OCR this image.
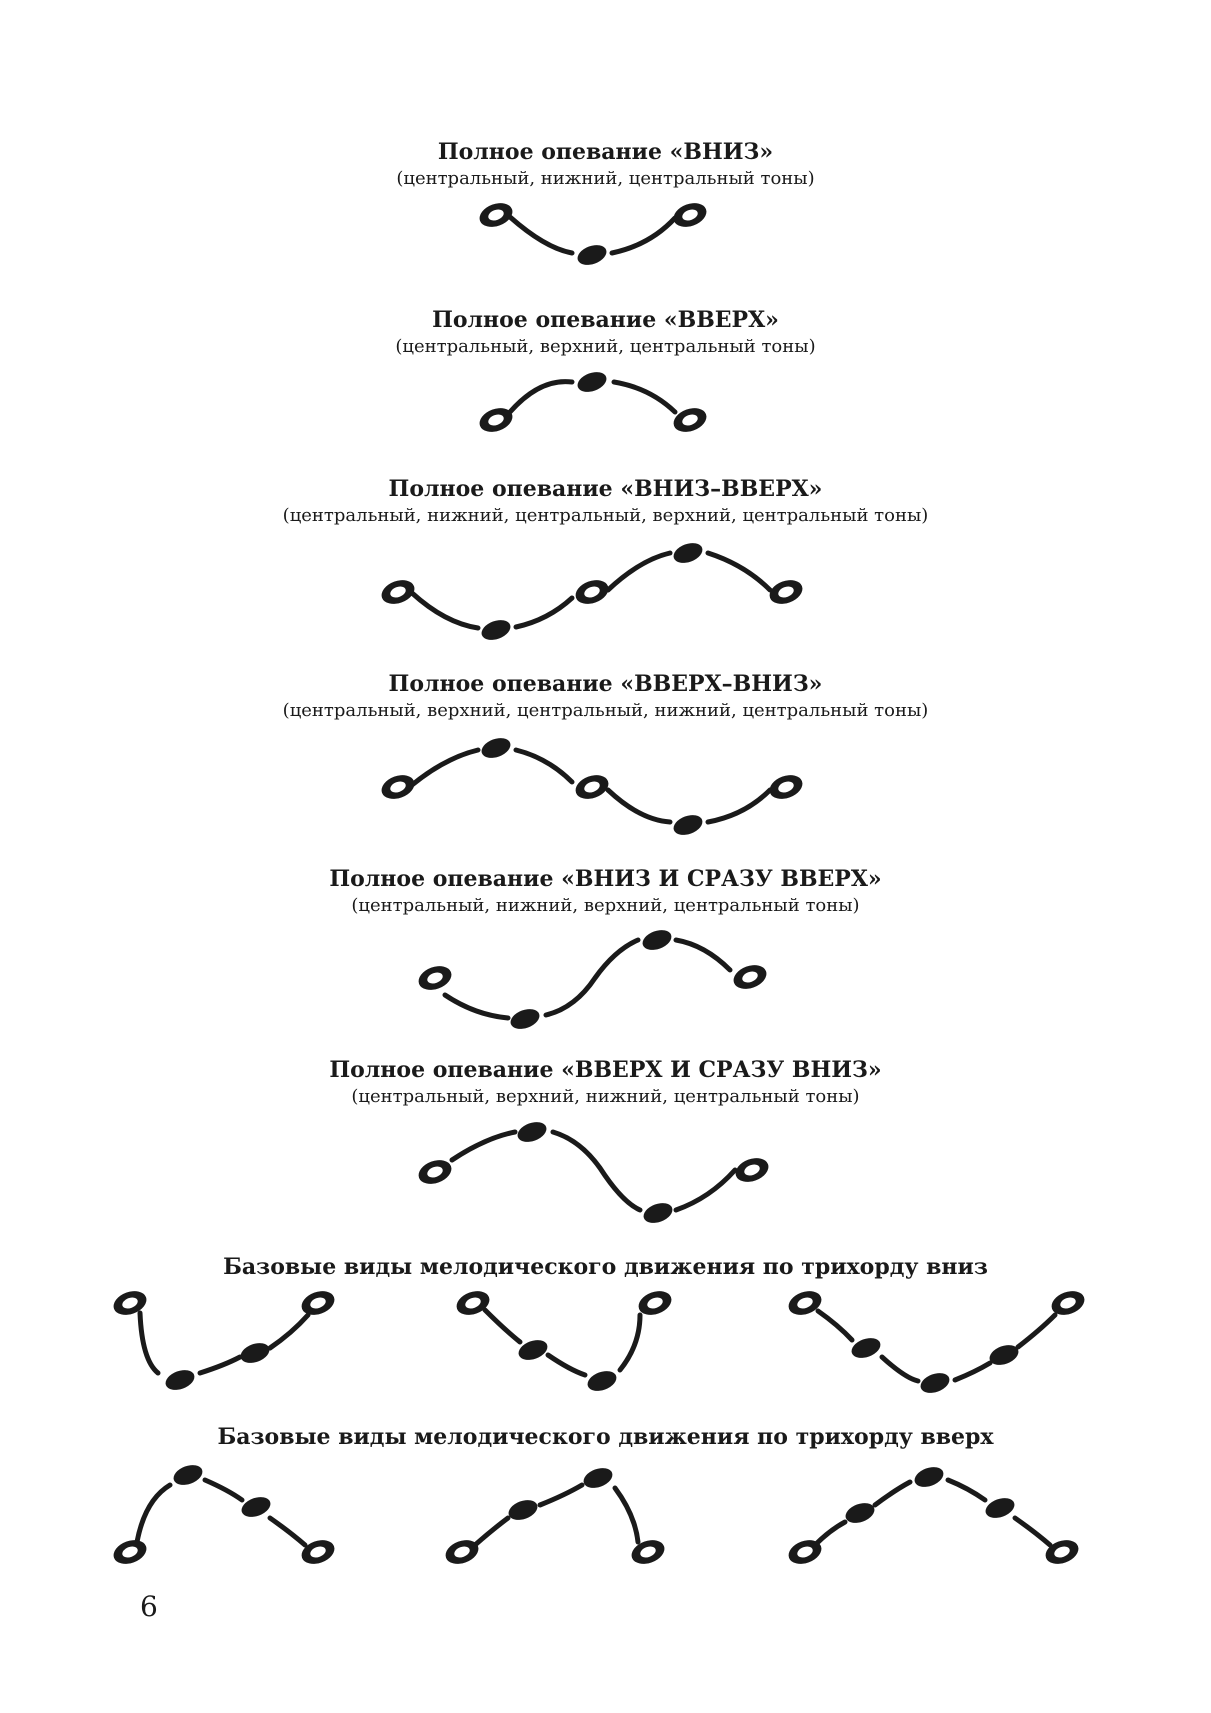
Полное опевание «ВНИЗ»
(центральный, нижний, центральный тоны)
Полное опевание «ВВЕРХ»
(центральный, верхний, центральный тоны)
Полное опевание «ВНИЗ–ВВЕРХ»
(центральный, нижний, центральный, верхний, центральный тоны)
Полное опевание «ВВЕРХ–ВНИЗ»
(центральный, верхний, центральный, нижний, центральный тоны)
Полное опевание «ВНИЗ И СРАЗУ ВВЕРХ»
(центральный, нижний, верхний, центральный тоны)
Полное опевание «ВВЕРХ И СРАЗУ ВНИЗ»
(центральный, верхний, нижний, центральный тоны)
Базовые виды мелодического движения по трихорду вниз
Базовые виды мелодического движения по трихорду вверх
6
